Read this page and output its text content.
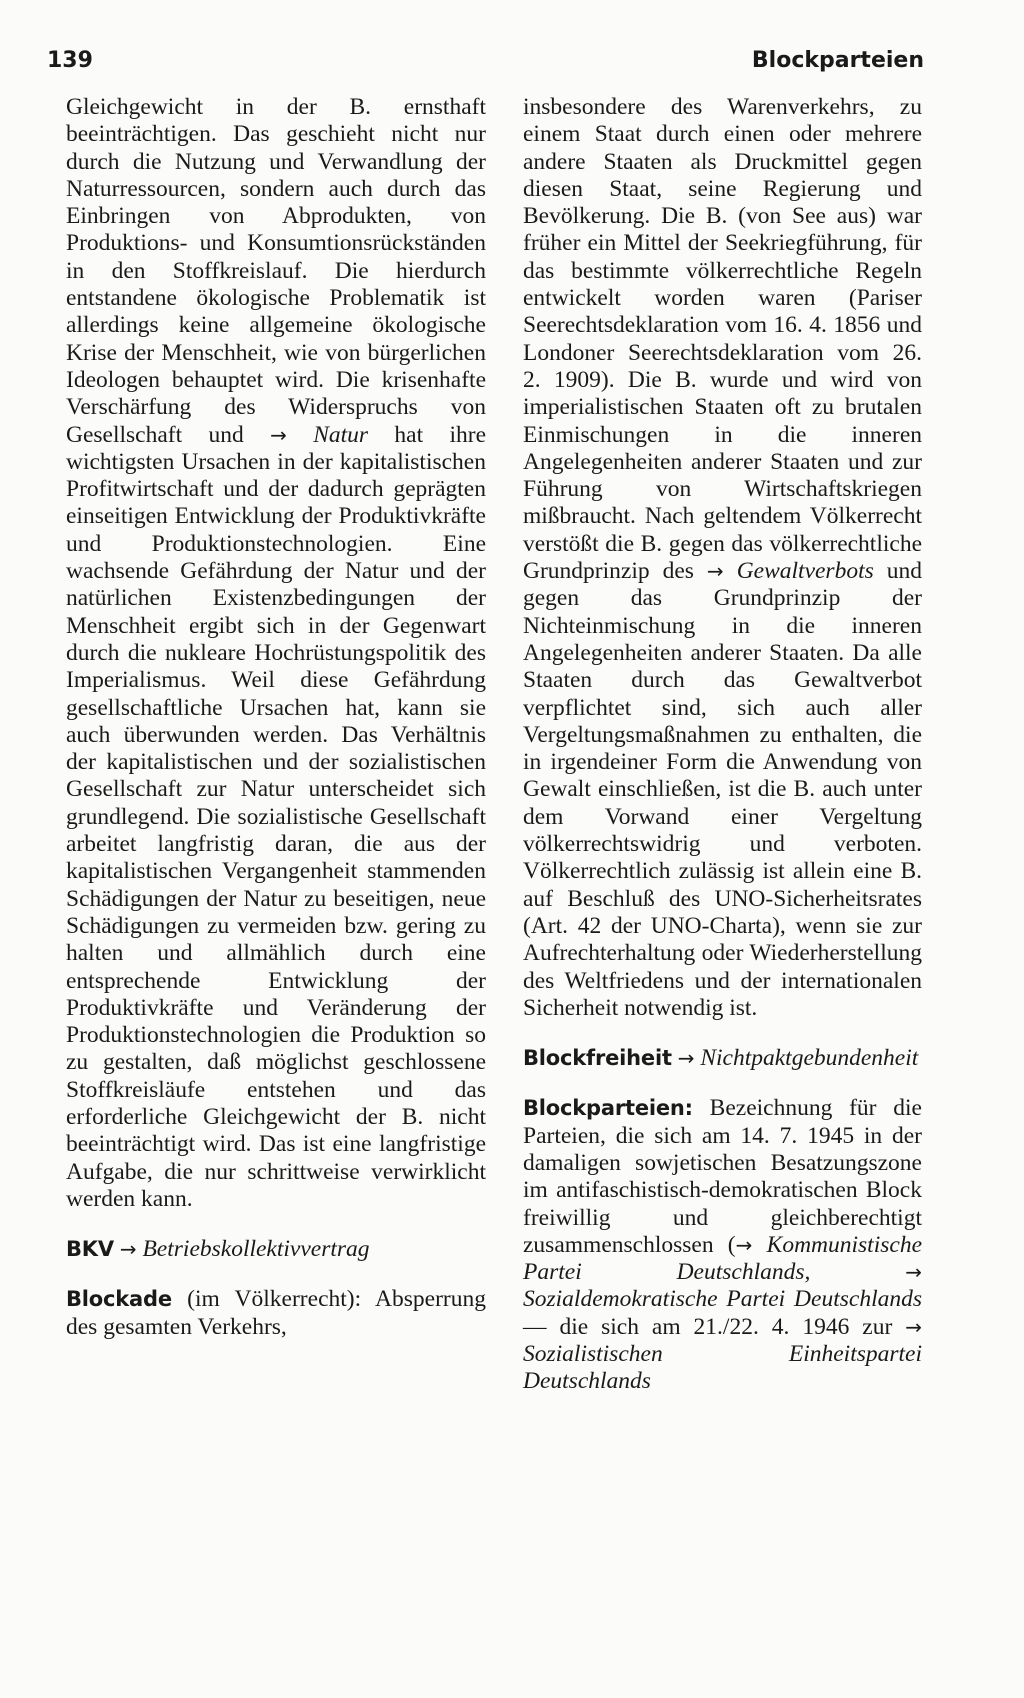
139	Blockparteien

Gleichgewicht in der B. ernsthaft beeinträchtigen. Das geschieht nicht nur durch die Nutzung und Verwandlung der Naturressourcen, sondern auch durch das Einbringen von Abprodukten, von Produktions- und Konsumtionsrückständen in den Stoffkreislauf. Die hierdurch entstandene ökologische Problematik ist allerdings keine allgemeine ökologische Krise der Menschheit, wie von bürgerlichen Ideologen behauptet wird. Die krisenhafte Verschärfung des Widerspruchs von Gesellschaft und → Natur hat ihre wichtigsten Ursachen in der kapitalistischen Profitwirtschaft und der dadurch geprägten einseitigen Entwicklung der Produktivkräfte und Produktionstechnologien. Eine wachsende Gefährdung der Natur und der natürlichen Existenzbedingungen der Menschheit ergibt sich in der Gegenwart durch die nukleare Hochrüstungspolitik des Imperialismus. Weil diese Gefährdung gesellschaftliche Ursachen hat, kann sie auch überwunden werden. Das Verhältnis der kapitalistischen und der sozialistischen Gesellschaft zur Natur unterscheidet sich grundlegend. Die sozialistische Gesellschaft arbeitet langfristig daran, die aus der kapitalistischen Vergangenheit stammenden Schädigungen der Natur zu beseitigen, neue Schädigungen zu vermeiden bzw. gering zu halten und allmählich durch eine entsprechende Entwicklung der Produktivkräfte und Veränderung der Produktionstechnologien die Produktion so zu gestalten, daß möglichst geschlossene Stoffkreisläufe entstehen und das erforderliche Gleichgewicht der B. nicht beeinträchtigt wird. Das ist eine langfristige Aufgabe, die nur schrittweise verwirklicht werden kann.

BKV → Betriebskollektivvertrag

Blockade (im Völkerrecht): Absperrung des gesamten Verkehrs,

insbesondere des Warenverkehrs, zu einem Staat durch einen oder mehrere andere Staaten als Druckmittel gegen diesen Staat, seine Regierung und Bevölkerung. Die B. (von See aus) war früher ein Mittel der Seekriegführung, für das bestimmte völkerrechtliche Regeln entwickelt worden waren (Pariser Seerechtsdeklaration vom 16. 4. 1856 und Londoner Seerechtsdeklaration vom 26. 2. 1909). Die B. wurde und wird von imperialistischen Staaten oft zu brutalen Einmischungen in die inneren Angelegenheiten anderer Staaten und zur Führung von Wirtschaftskriegen mißbraucht. Nach geltendem Völkerrecht verstößt die B. gegen das völkerrechtliche Grundprinzip des → Gewaltverbots und gegen das Grundprinzip der Nichteinmischung in die inneren Angelegenheiten anderer Staaten. Da alle Staaten durch das Gewaltverbot verpflichtet sind, sich auch aller Vergeltungsmaßnahmen zu enthalten, die in irgendeiner Form die Anwendung von Gewalt einschließen, ist die B. auch unter dem Vorwand einer Vergeltung völkerrechtswidrig und verboten. Völkerrechtlich zulässig ist allein eine B. auf Beschluß des UNO-Sicherheitsrates (Art. 42 der UNO-Charta), wenn sie zur Aufrechterhaltung oder Wiederherstellung des Weltfriedens und der internationalen Sicherheit notwendig ist.

Blockfreiheit → Nichtpaktgebundenheit

Blockparteien: Bezeichnung für die Parteien, die sich am 14. 7. 1945 in der damaligen sowjetischen Besatzungszone im antifaschistisch-demokratischen Block freiwillig und gleichberechtigt zusammenschlossen (→ Kommunistische Partei Deutschlands,	→ Sozialdemokratische Partei Deutschlands — die sich am 21./22. 4. 1946 zur → Sozialistischen Einheitspartei Deutschlands
